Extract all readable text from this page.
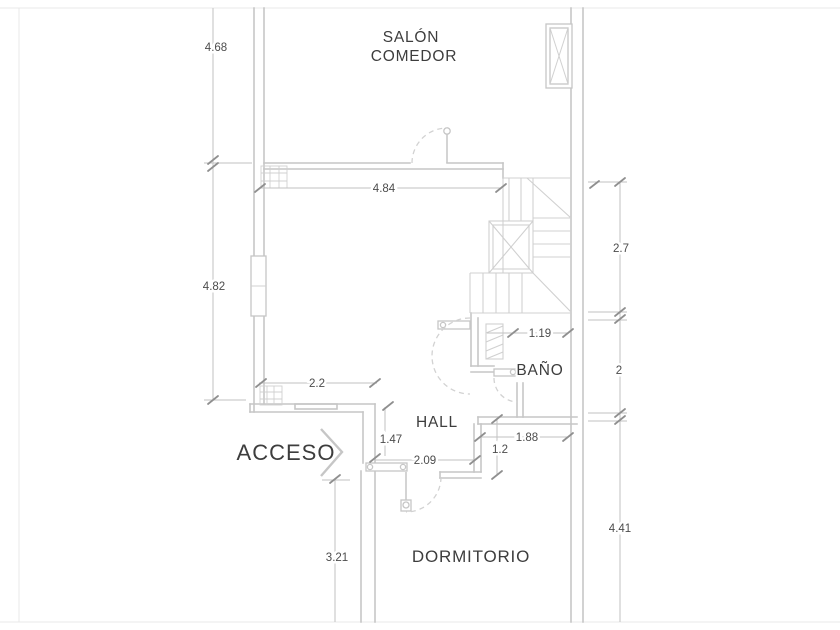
4.68
4.82
4.84
2.7
2
4.41
1.19
2.2
1.47
2.09
1.88
1.2
3.21
SALÓN
COMEDOR
BAÑO
HALL
DORMITORIO
ACCESO
